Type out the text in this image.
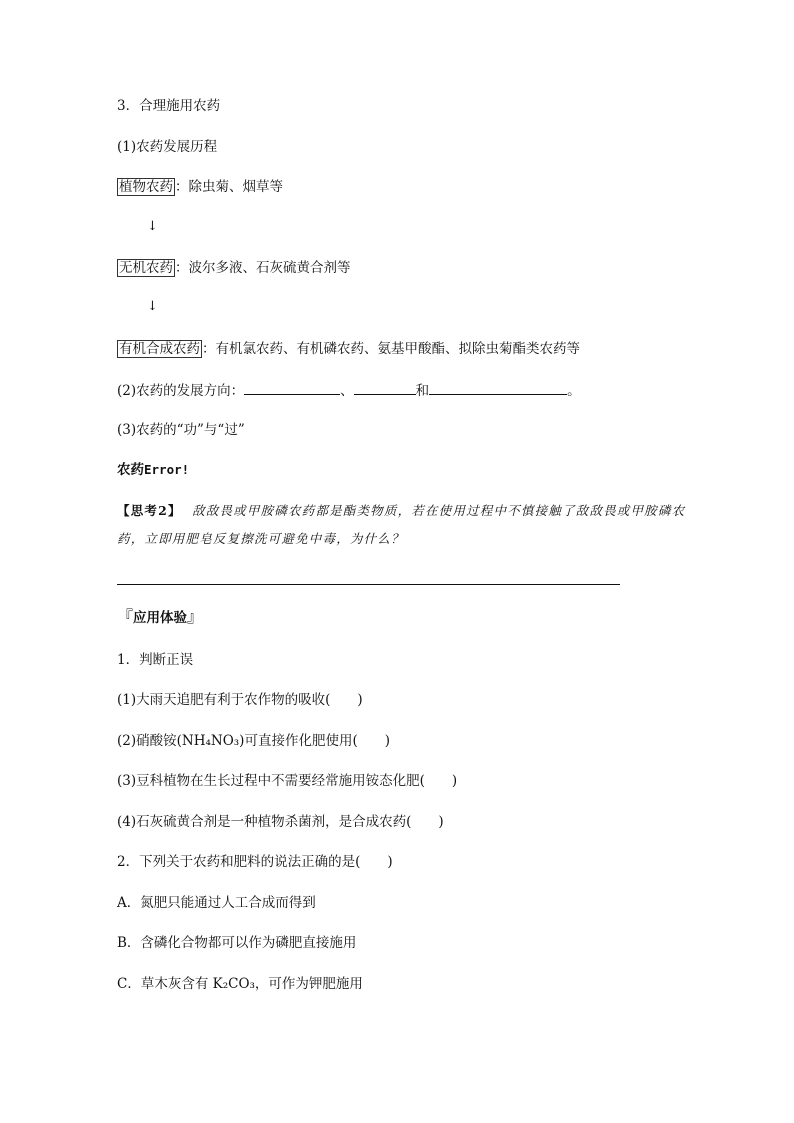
3．合理施用农药
(1)农药发展历程
植物农药 ：除虫菊、烟草等
↓
无机农药 ：波尔多液、石灰硫黄合剂等
↓
有机合成农药 ：有机氯农药、有机磷农药、氨基甲酸酯、拟除虫菊酯类农药等
(2)农药的发展方向：	、	和	。
(3)农药的“功”与“过”
农药Error!
【思考2】 敌敌畏或甲胺磷农药都是酯类物质，若在使用过程中不慎接触了敌敌畏或甲胺磷农药，立即用肥皂反复擦洗可避免中毒，为什么？
『应用体验』
1．判断正误
(1)大雨天追肥有利于农作物的吸收(　　)
(2)硝酸铵(NH₄NO₃)可直接作化肥使用(　　)
(3)豆科植物在生长过程中不需要经常施用铵态化肥(　　)
(4)石灰硫黄合剂是一种植物杀菌剂，是合成农药(　　)
2．下列关于农药和肥料的说法正确的是(　　)
A．氮肥只能通过人工合成而得到
B．含磷化合物都可以作为磷肥直接施用
C．草木灰含有 K₂CO₃，可作为钾肥施用
